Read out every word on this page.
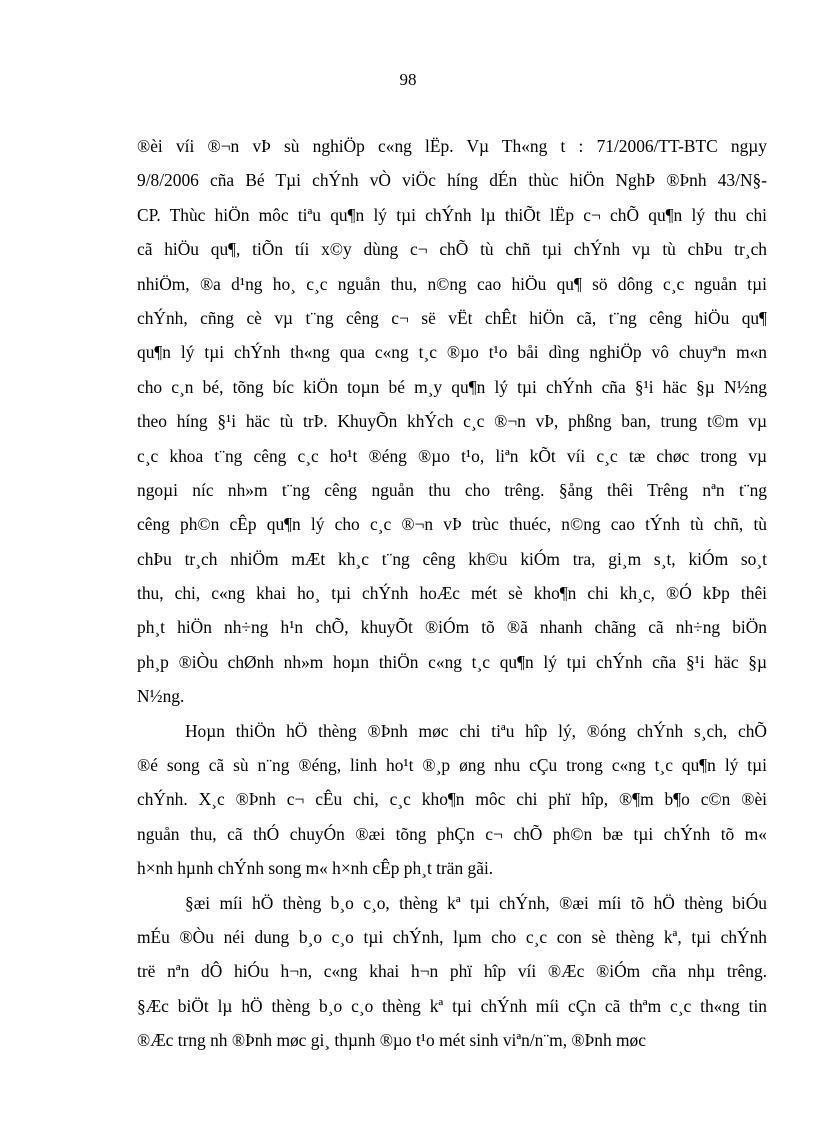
98
®èi víi ®¬n vÞ sù nghiÖp c«ng lËp. Vµ Th«ng t : 71/2006/TT-BTC ngµy
9/8/2006 cña Bé Tµi chÝnh vÒ viÖc híng dÉn thùc hiÖn NghÞ ®Þnh 43/N§-
CP. Thùc hiÖn môc tiªu qu¶n lý tµi chÝnh lµ thiÕt lËp c¬ chÕ qu¶n lý thu chi
cã hiÖu qu¶, tiÕn tíi x©y dùng c¬ chÕ tù chñ tµi chÝnh vµ tù chÞu tr¸ch
nhiÖm, ®a d¹ng ho¸ c¸c nguån thu, n©ng cao hiÖu qu¶ sö dông c¸c nguån tµi
chÝnh, cñng cè vµ t¨ng cêng c¬ së vËt chÊt hiÖn cã, t¨ng cêng hiÖu qu¶
qu¶n lý tµi chÝnh th«ng qua c«ng t¸c ®µo t¹o båi dìng nghiÖp vô chuyªn m«n
cho c¸n bé, tõng bíc kiÖn toµn bé m¸y qu¶n lý tµi chÝnh cña §¹i häc §µ N½ng
theo híng §¹i häc tù trÞ. KhuyÕn khÝch c¸c ®¬n vÞ, phßng ban, trung t©m vµ
c¸c khoa t¨ng cêng c¸c ho¹t ®éng ®µo t¹o, liªn kÕt víi c¸c tæ chøc trong vµ
ngoµi níc nh»m t¨ng cêng nguån thu cho trêng. §ång thêi Trêng nªn t¨ng
cêng ph©n cÊp qu¶n lý cho c¸c ®¬n vÞ trùc thuéc, n©ng cao tÝnh tù chñ, tù
chÞu tr¸ch nhiÖm mÆt kh¸c t¨ng cêng kh©u kiÓm tra, gi¸m s¸t, kiÓm so¸t
thu, chi, c«ng khai ho¸ tµi chÝnh hoÆc mét sè kho¶n chi kh¸c, ®Ó kÞp thêi
ph¸t hiÖn nh÷ng h¹n chÕ, khuyÕt ®iÓm tõ ®ã nhanh chãng cã nh÷ng biÖn
ph¸p ®iÒu chØnh nh»m hoµn thiÖn c«ng t¸c qu¶n lý tµi chÝnh cña §¹i häc §µ
N½ng.
Hoµn thiÖn hÖ thèng ®Þnh møc chi tiªu hîp lý, ®óng chÝnh s¸ch, chÕ
®é song cã sù n¨ng ®éng, linh ho¹t ®¸p øng nhu cÇu trong c«ng t¸c qu¶n lý tµi
chÝnh. X¸c ®Þnh c¬ cÊu chi, c¸c kho¶n môc chi phï hîp, ®¶m b¶o c©n ®èi
nguån thu, cã thÓ chuyÓn ®æi tõng phÇn c¬ chÕ ph©n bæ tµi chÝnh tõ m«
h×nh hµnh chÝnh song m« h×nh cÊp ph¸t trän gãi.
§æi míi hÖ thèng b¸o c¸o, thèng kª tµi chÝnh, ®æi míi tõ hÖ thèng biÓu
mÉu ®Òu néi dung b¸o c¸o tµi chÝnh, lµm cho c¸c con sè thèng kª, tµi chÝnh
trë nªn dÔ hiÓu h¬n, c«ng khai h¬n phï hîp víi ®Æc ®iÓm cña nhµ trêng.
§Æc biÖt lµ hÖ thèng b¸o c¸o thèng kª tµi chÝnh míi cÇn cã thªm c¸c th«ng tin
®Æc trng nh ®Þnh møc gi¸ thµnh ®µo t¹o mét sinh viªn/n¨m, ®Þnh møc
